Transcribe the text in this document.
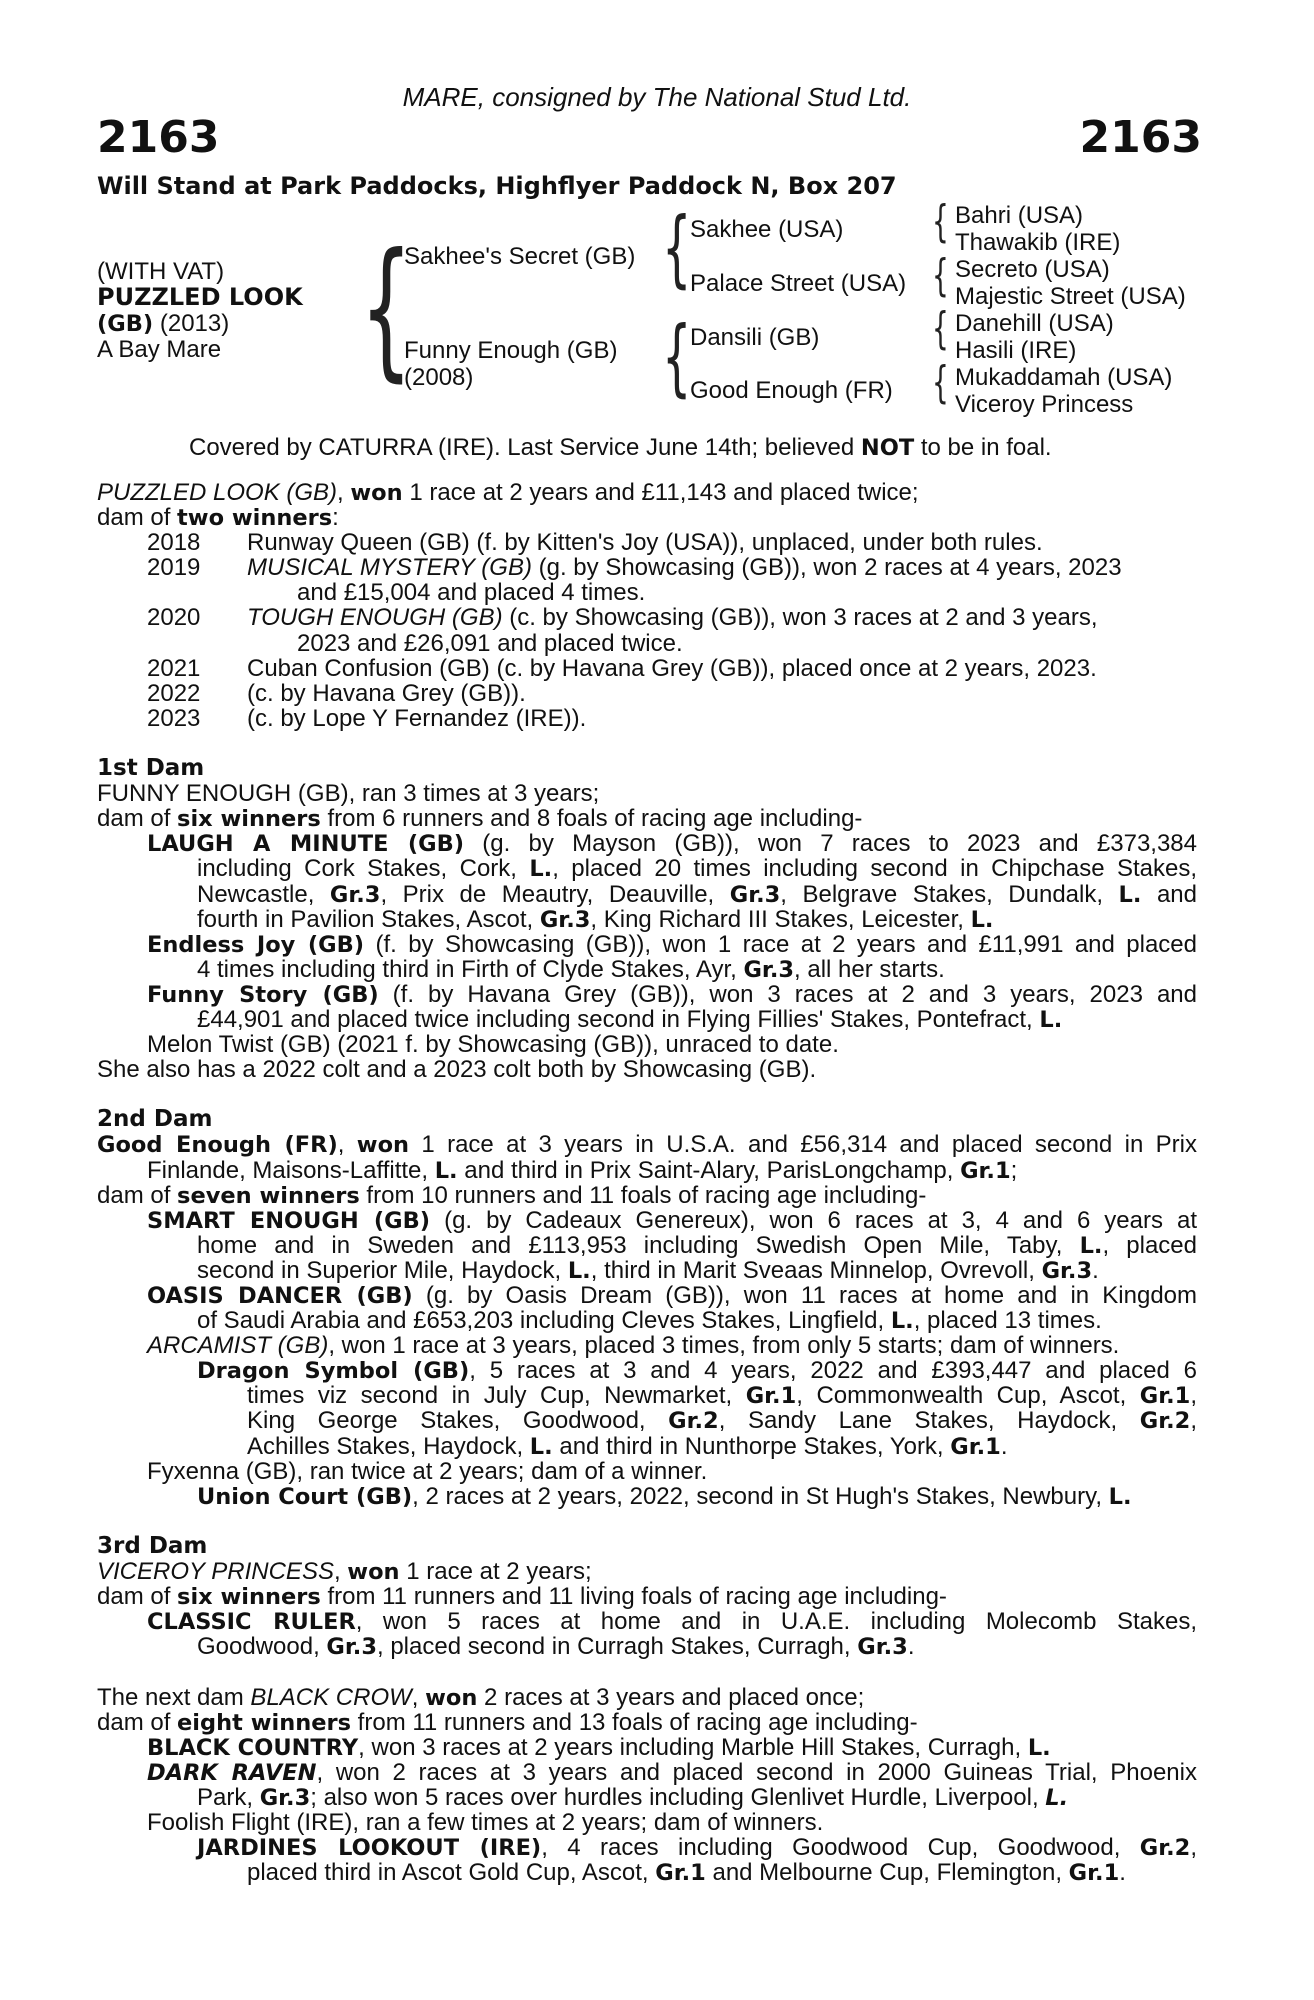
MARE, consigned by The National Stud Ltd.
2163	2163
Will Stand at Park Paddocks, Highflyer Paddock N, Box 207
(WITH VAT)
PUZZLED LOOK
(GB) (2013)
A Bay Mare {
Sakhee's Secret (GB)
Funny Enough (GB)
(2008)
{
{
Sakhee (USA)
Palace Street (USA)
Dansili (GB)
Good Enough (FR)
{
{
{
{
Bahri (USA)
Thawakib (IRE)
Secreto (USA)
Majestic Street (USA)
Danehill (USA)
Hasili (IRE)
Mukaddamah (USA)
Viceroy Princess
Covered by CATURRA (IRE). Last Service June 14th; believed NOT to be in foal.
PUZZLED LOOK (GB), won 1 race at 2 years and £11,143 and placed twice;
dam of two winners:
2018 Runway Queen (GB) (f. by Kitten's Joy (USA)), unplaced, under both rules.
2019 MUSICAL MYSTERY (GB) (g. by Showcasing (GB)), won 2 races at 4 years, 2023
and £15,004 and placed 4 times.
2020 TOUGH ENOUGH (GB) (c. by Showcasing (GB)), won 3 races at 2 and 3 years,
2023 and £26,091 and placed twice.
2021 Cuban Confusion (GB) (c. by Havana Grey (GB)), placed once at 2 years, 2023.
2022 (c. by Havana Grey (GB)).
2023 (c. by Lope Y Fernandez (IRE)).
1st Dam
FUNNY ENOUGH (GB), ran 3 times at 3 years;
dam of six winners from 6 runners and 8 foals of racing age including-
LAUGH A MINUTE (GB) (g. by Mayson (GB)), won 7 races to 2023 and £373,384
including Cork Stakes, Cork, L., placed 20 times including second in Chipchase Stakes,
Newcastle, Gr.3, Prix de Meautry, Deauville, Gr.3, Belgrave Stakes, Dundalk, L. and
fourth in Pavilion Stakes, Ascot, Gr.3, King Richard III Stakes, Leicester, L.
Endless Joy (GB) (f. by Showcasing (GB)), won 1 race at 2 years and £11,991 and placed
4 times including third in Firth of Clyde Stakes, Ayr, Gr.3, all her starts.
Funny Story (GB) (f. by Havana Grey (GB)), won 3 races at 2 and 3 years, 2023 and
£44,901 and placed twice including second in Flying Fillies' Stakes, Pontefract, L.
Melon Twist (GB) (2021 f. by Showcasing (GB)), unraced to date.
She also has a 2022 colt and a 2023 colt both by Showcasing (GB).
2nd Dam
Good Enough (FR), won 1 race at 3 years in U.S.A. and £56,314 and placed second in Prix
Finlande, Maisons-Laffitte, L. and third in Prix Saint-Alary, ParisLongchamp, Gr.1;
dam of seven winners from 10 runners and 11 foals of racing age including-
SMART ENOUGH (GB) (g. by Cadeaux Genereux), won 6 races at 3, 4 and 6 years at
home and in Sweden and £113,953 including Swedish Open Mile, Taby, L., placed
second in Superior Mile, Haydock, L., third in Marit Sveaas Minnelop, Ovrevoll, Gr.3.
OASIS DANCER (GB) (g. by Oasis Dream (GB)), won 11 races at home and in Kingdom
of Saudi Arabia and £653,203 including Cleves Stakes, Lingfield, L., placed 13 times.
ARCAMIST (GB), won 1 race at 3 years, placed 3 times, from only 5 starts; dam of winners.
Dragon Symbol (GB), 5 races at 3 and 4 years, 2022 and £393,447 and placed 6
times viz second in July Cup, Newmarket, Gr.1, Commonwealth Cup, Ascot, Gr.1,
King George Stakes, Goodwood, Gr.2, Sandy Lane Stakes, Haydock, Gr.2,
Achilles Stakes, Haydock, L. and third in Nunthorpe Stakes, York, Gr.1.
Fyxenna (GB), ran twice at 2 years; dam of a winner.
Union Court (GB), 2 races at 2 years, 2022, second in St Hugh's Stakes, Newbury, L.
3rd Dam
VICEROY PRINCESS, won 1 race at 2 years;
dam of six winners from 11 runners and 11 living foals of racing age including-
CLASSIC RULER, won 5 races at home and in U.A.E. including Molecomb Stakes,
Goodwood, Gr.3, placed second in Curragh Stakes, Curragh, Gr.3.
The next dam BLACK CROW, won 2 races at 3 years and placed once;
dam of eight winners from 11 runners and 13 foals of racing age including-
BLACK COUNTRY, won 3 races at 2 years including Marble Hill Stakes, Curragh, L.
DARK RAVEN, won 2 races at 3 years and placed second in 2000 Guineas Trial, Phoenix
Park, Gr.3; also won 5 races over hurdles including Glenlivet Hurdle, Liverpool, L.
Foolish Flight (IRE), ran a few times at 2 years; dam of winners.
JARDINES LOOKOUT (IRE), 4 races including Goodwood Cup, Goodwood, Gr.2,
placed third in Ascot Gold Cup, Ascot, Gr.1 and Melbourne Cup, Flemington, Gr.1.
